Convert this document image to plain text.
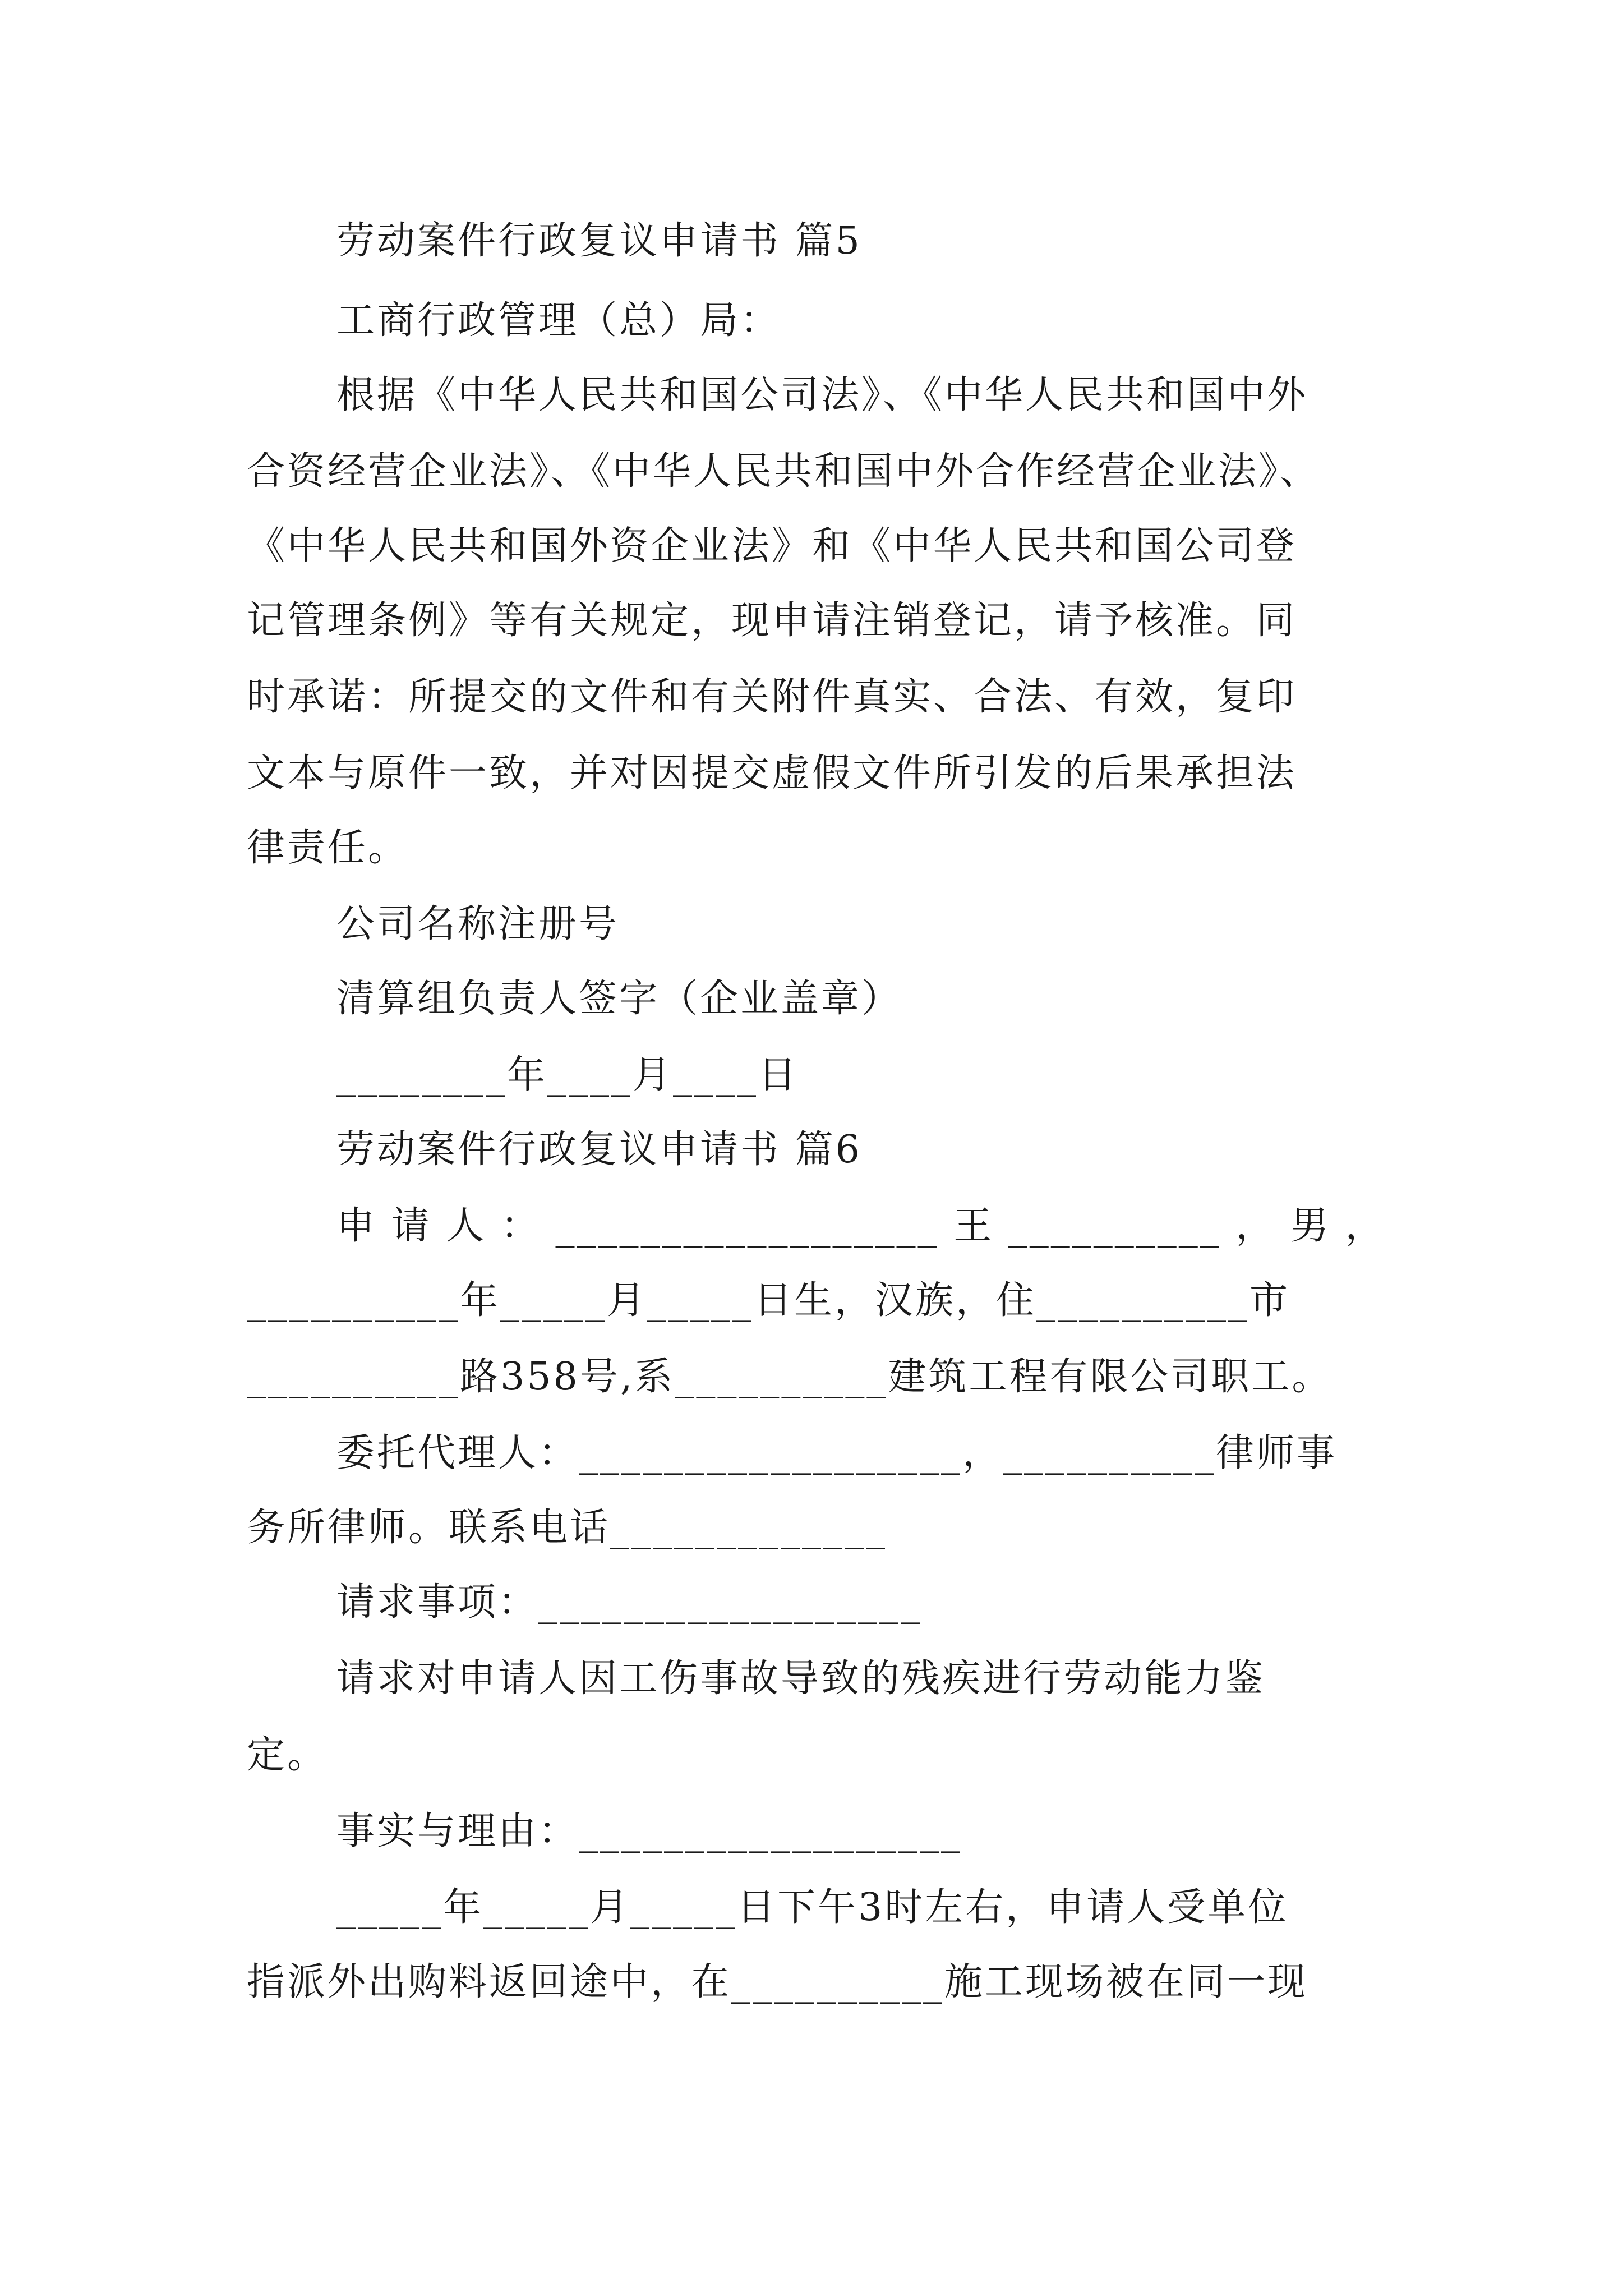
劳动案件行政复议申请书 篇5
工商行政管理（总）局：
根据《中华人民共和国公司法》、《中华人民共和国中外
合资经营企业法》、《中华人民共和国中外合作经营企业法》、
《中华人民共和国外资企业法》和《中华人民共和国公司登
记管理条例》等有关规定，现申请注销登记，请予核准。同
时承诺：所提交的文件和有关附件真实、合法、有效，复印
文本与原件一致，并对因提交虚假文件所引发的后果承担法
律责任。
公司名称注册号
清算组负责人签字（企业盖章）
________年____月____日
劳动案件行政复议申请书 篇6
申 请 人 ： __________________ 王 __________ ， 男 ，
__________年_____月_____日生，汉族，住__________市
__________路358号,系__________建筑工程有限公司职工。
委托代理人：__________________，__________律师事
务所律师。联系电话_____________
请求事项：__________________
请求对申请人因工伤事故导致的残疾进行劳动能力鉴
定。
事实与理由：__________________
_____年_____月_____日下午3时左右，申请人受单位
指派外出购料返回途中，在__________施工现场被在同一现
